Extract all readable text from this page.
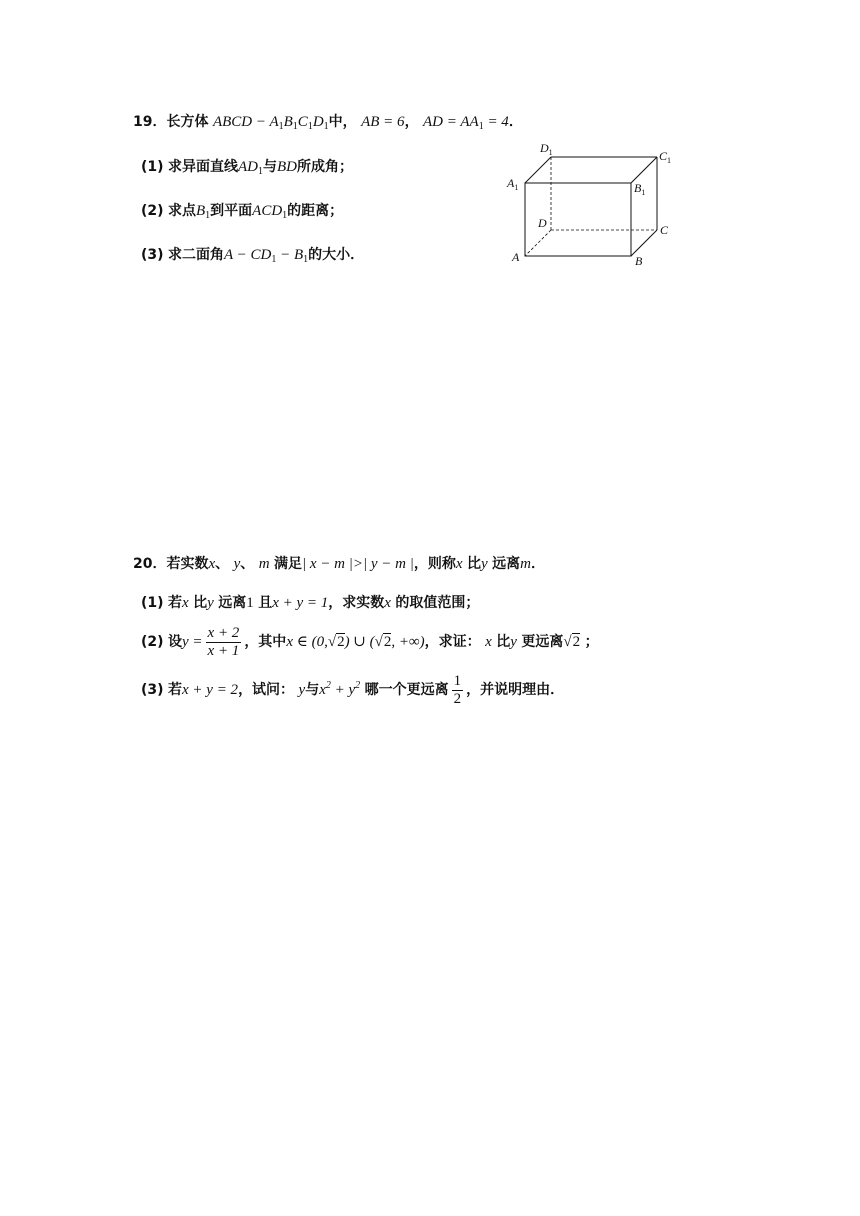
19．长方体 ABCD − $A_1B_1C_1D_1$中， AB = 6， AD = $AA_1 = 4$．
(1) 求异面直线$AD_1$与BD所成角；
(2) 求点$B_1$到平面$ACD_1$的距离；
(3) 求二面角$A - CD_1 - B_1$的大小．
$D_1$	$C_1$
$A_1$	$B_1$
D	C
A	B
20．若实数x、 y、 m 满足| x − m |>| y − m |，则称x 比y 远离m．
(1) 若x 比y 远离1 且x + y = 1，求实数x 的取值范围；
(2) 设$y = \frac{x + 2}{x + 1}$ ，其中x ∈ (0,√2) ∪ (√2, +∞)，求证： x 比y 更远离√2 ；
(3) 若x + y = 2，试问： y与$x^2 + y^2$ 哪一个更远离 $\frac{1}{2}$ ，并说明理由．
